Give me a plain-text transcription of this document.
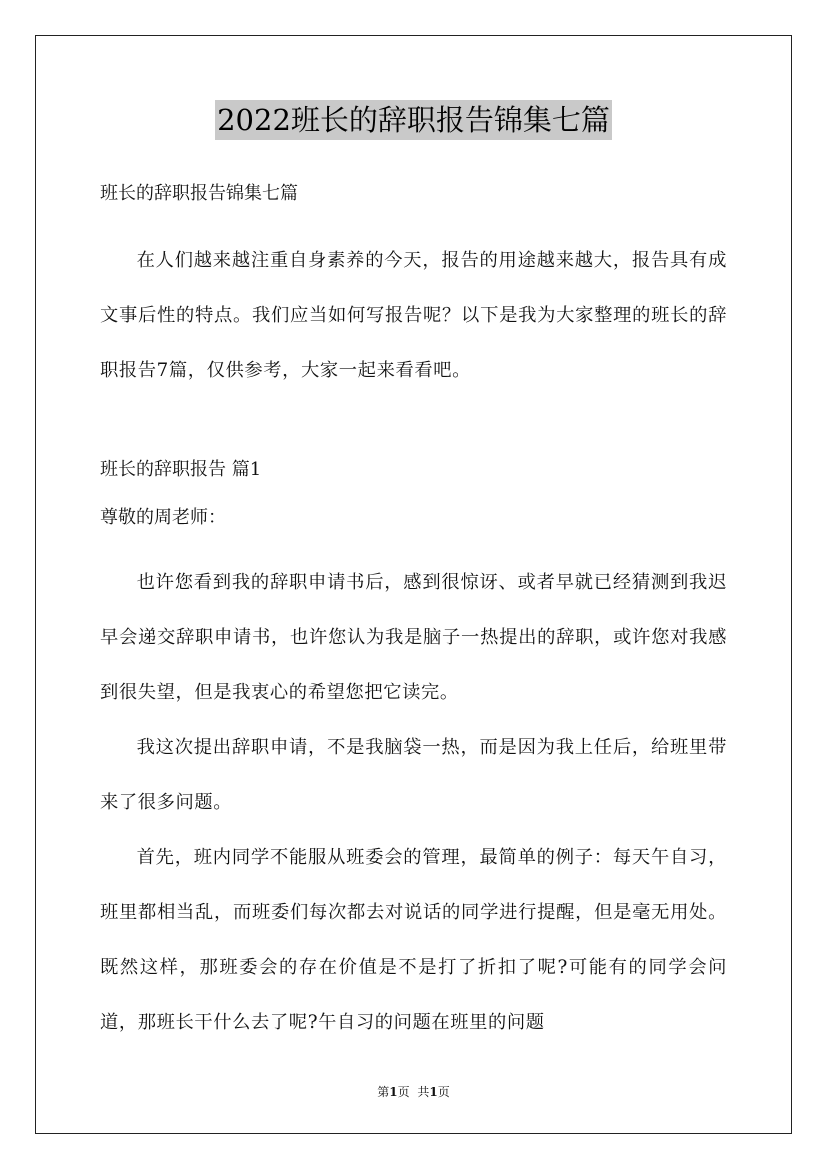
2022班长的辞职报告锦集七篇

班长的辞职报告锦集七篇

在人们越来越注重自身素养的今天，报告的用途越来越大，报告具有成文事后性的特点。我们应当如何写报告呢？以下是我为大家整理的班长的辞职报告7篇，仅供参考，大家一起来看看吧。

班长的辞职报告 篇1

尊敬的周老师：

也许您看到我的辞职申请书后，感到很惊讶、或者早就已经猜测到我迟早会递交辞职申请书，也许您认为我是脑子一热提出的辞职，或许您对我感到很失望，但是我衷心的希望您把它读完。

我这次提出辞职申请，不是我脑袋一热，而是因为我上任后，给班里带来了很多问题。

首先，班内同学不能服从班委会的管理，最简单的例子：每天午自习，班里都相当乱，而班委们每次都去对说话的同学进行提醒，但是毫无用处。既然这样，那班委会的存在价值是不是打了折扣了呢?可能有的同学会问道，那班长干什么去了呢?午自习的问题在班里的问题

第1页 共1页
